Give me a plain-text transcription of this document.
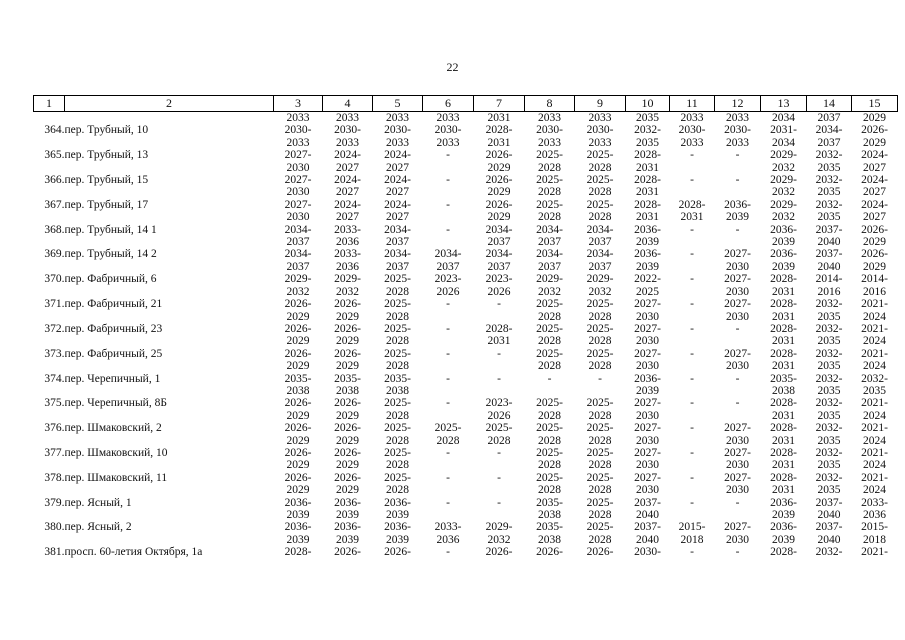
22
1	2	3	4	5	6	7	8	9	10	11	12	13	14	15
		2033	2033	2033	2033	2031	2033	2033	2035	2033	2033	2034	2037	2029
364.	пер. Трубный, 10	2030-	2030-	2030-	2030-	2028-	2030-	2030-	2032-	2030-	2030-	2031-	2034-	2026-
		2033	2033	2033	2033	2031	2033	2033	2035	2033	2033	2034	2037	2029
365.	пер. Трубный, 13	2027-	2024-	2024-	-	2026-	2025-	2025-	2028-	-	-	2029-	2032-	2024-
		2030	2027	2027		2029	2028	2028	2031			2032	2035	2027
366.	пер. Трубный, 15	2027-	2024-	2024-	-	2026-	2025-	2025-	2028-	-	-	2029-	2032-	2024-
		2030	2027	2027		2029	2028	2028	2031			2032	2035	2027
367.	пер. Трубный, 17	2027-	2024-	2024-	-	2026-	2025-	2025-	2028-	2028-	2036-	2029-	2032-	2024-
		2030	2027	2027		2029	2028	2028	2031	2031	2039	2032	2035	2027
368.	пер. Трубный, 14 1	2034-	2033-	2034-	-	2034-	2034-	2034-	2036-	-	-	2036-	2037-	2026-
		2037	2036	2037		2037	2037	2037	2039			2039	2040	2029
369.	пер. Трубный, 14 2	2034-	2033-	2034-	2034-	2034-	2034-	2034-	2036-	-	2027-	2036-	2037-	2026-
		2037	2036	2037	2037	2037	2037	2037	2039		2030	2039	2040	2029
370.	пер. Фабричный, 6	2029-	2029-	2025-	2023-	2023-	2029-	2029-	2022-	-	2027-	2028-	2014-	2014-
		2032	2032	2028	2026	2026	2032	2032	2025		2030	2031	2016	2016
371.	пер. Фабричный, 21	2026-	2026-	2025-	-	-	2025-	2025-	2027-	-	2027-	2028-	2032-	2021-
		2029	2029	2028			2028	2028	2030		2030	2031	2035	2024
372.	пер. Фабричный, 23	2026-	2026-	2025-	-	2028-	2025-	2025-	2027-	-	-	2028-	2032-	2021-
		2029	2029	2028		2031	2028	2028	2030			2031	2035	2024
373.	пер. Фабричный, 25	2026-	2026-	2025-	-	-	2025-	2025-	2027-	-	2027-	2028-	2032-	2021-
		2029	2029	2028			2028	2028	2030		2030	2031	2035	2024
374.	пер. Черепичный, 1	2035-	2035-	2035-	-	-	-	-	2036-	-	-	2035-	2032-	2032-
		2038	2038	2038					2039			2038	2035	2035
375.	пер. Черепичный, 8Б	2026-	2026-	2025-	-	2023-	2025-	2025-	2027-	-	-	2028-	2032-	2021-
		2029	2029	2028		2026	2028	2028	2030			2031	2035	2024
376.	пер. Шмаковский, 2	2026-	2026-	2025-	2025-	2025-	2025-	2025-	2027-	-	2027-	2028-	2032-	2021-
		2029	2029	2028	2028	2028	2028	2028	2030		2030	2031	2035	2024
377.	пер. Шмаковский, 10	2026-	2026-	2025-	-	-	2025-	2025-	2027-	-	2027-	2028-	2032-	2021-
		2029	2029	2028			2028	2028	2030		2030	2031	2035	2024
378.	пер. Шмаковский, 11	2026-	2026-	2025-	-	-	2025-	2025-	2027-	-	2027-	2028-	2032-	2021-
		2029	2029	2028			2028	2028	2030		2030	2031	2035	2024
379.	пер. Ясный, 1	2036-	2036-	2036-	-	-	2035-	2025-	2037-	-	-	2036-	2037-	2033-
		2039	2039	2039			2038	2028	2040			2039	2040	2036
380.	пер. Ясный, 2	2036-	2036-	2036-	2033-	2029-	2035-	2025-	2037-	2015-	2027-	2036-	2037-	2015-
		2039	2039	2039	2036	2032	2038	2028	2040	2018	2030	2039	2040	2018
381.	просп. 60-летия Октября, 1а	2028-	2026-	2026-	-	2026-	2026-	2026-	2030-	-	-	2028-	2032-	2021-
